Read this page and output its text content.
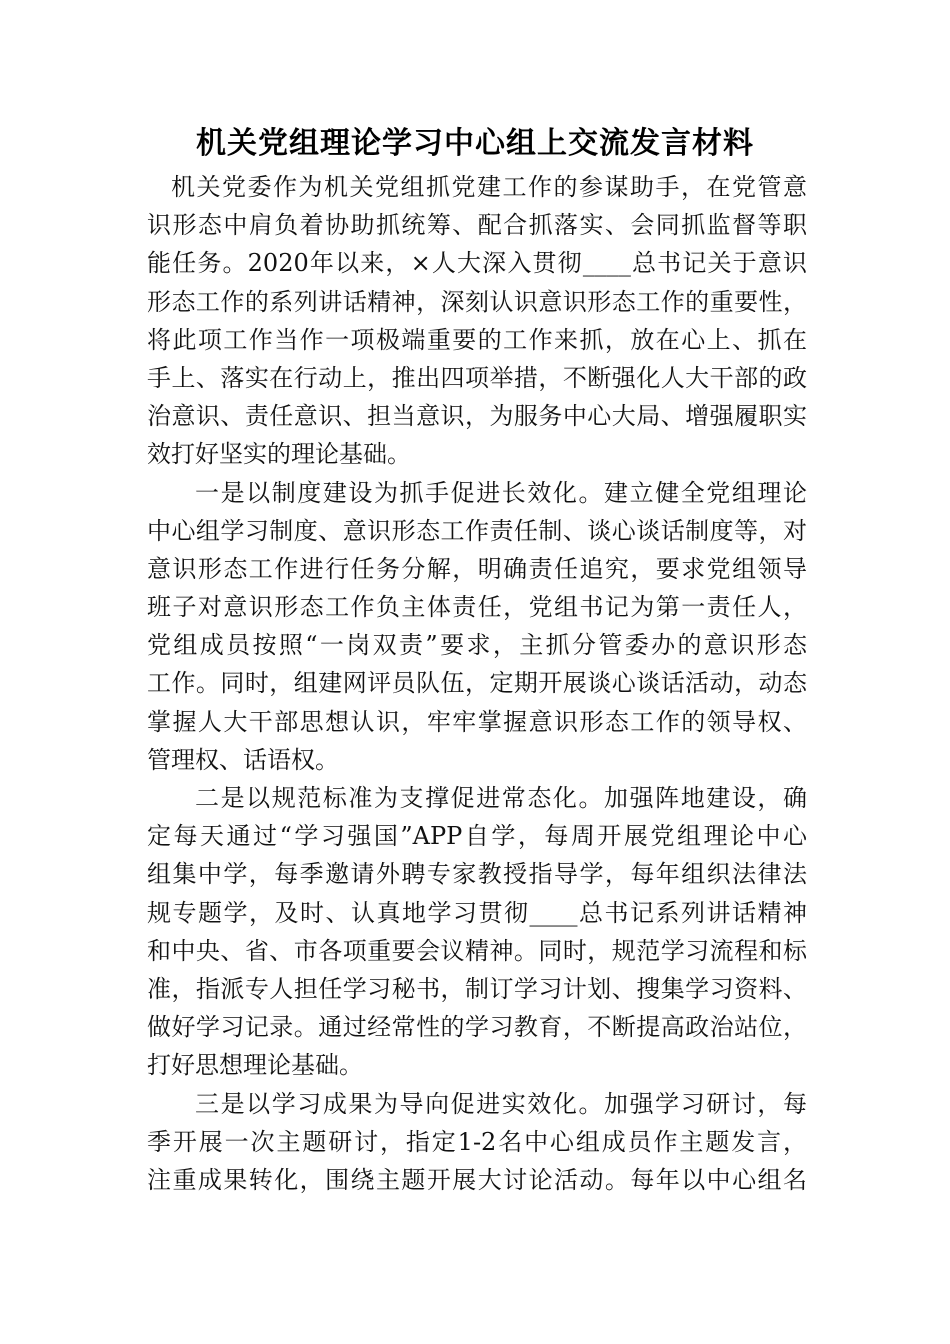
机关党组理论学习中心组上交流发言材料
机关党委作为机关党组抓党建工作的参谋助手，在党管意
识形态中肩负着协助抓统筹、配合抓落实、会同抓监督等职
能任务。2020年以来，×人大深入贯彻____总书记关于意识
形态工作的系列讲话精神，深刻认识意识形态工作的重要性，
将此项工作当作一项极端重要的工作来抓，放在心上、抓在
手上、落实在行动上，推出四项举措，不断强化人大干部的政
治意识、责任意识、担当意识，为服务中心大局、增强履职实
效打好坚实的理论基础。
一是以制度建设为抓手促进长效化。建立健全党组理论
中心组学习制度、意识形态工作责任制、谈心谈话制度等，对
意识形态工作进行任务分解，明确责任追究，要求党组领导
班子对意识形态工作负主体责任，党组书记为第一责任人，
党组成员按照“一岗双责”要求，主抓分管委办的意识形态
工作。同时，组建网评员队伍，定期开展谈心谈话活动，动态
掌握人大干部思想认识，牢牢掌握意识形态工作的领导权、
管理权、话语权。
二是以规范标准为支撑促进常态化。加强阵地建设，确
定每天通过“学习强国”APP自学，每周开展党组理论中心
组集中学，每季邀请外聘专家教授指导学，每年组织法律法
规专题学，及时、认真地学习贯彻____总书记系列讲话精神
和中央、省、市各项重要会议精神。同时，规范学习流程和标
准，指派专人担任学习秘书，制订学习计划、搜集学习资料、
做好学习记录。通过经常性的学习教育，不断提高政治站位，
打好思想理论基础。
三是以学习成果为导向促进实效化。加强学习研讨，每
季开展一次主题研讨，指定1-2名中心组成员作主题发言，
注重成果转化，围绕主题开展大讨论活动。每年以中心组名
